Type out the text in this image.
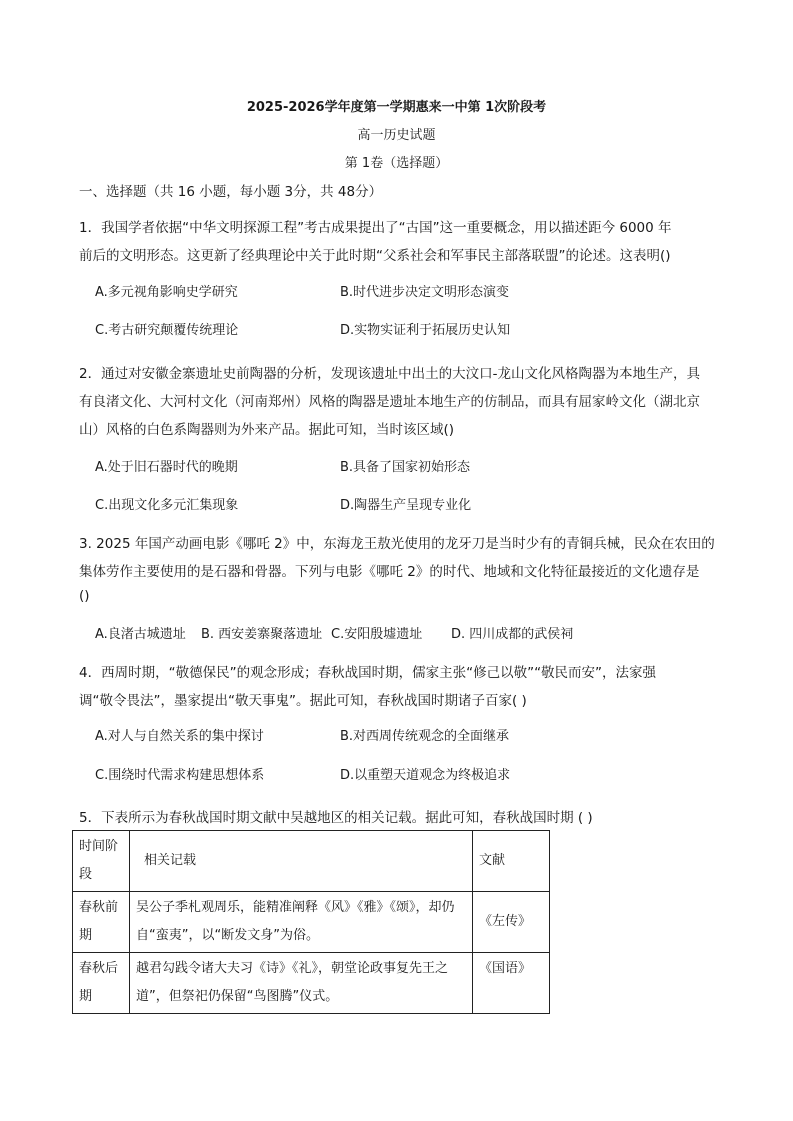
2025-2026学年度第一学期惠来一中第 1次阶段考
高一历史试题
第 1卷（选择题）
一、选择题（共 16 小题，每小题 3分，共 48分）
1．我国学者依据“中华文明探源工程”考古成果提出了“古国”这一重要概念，用以描述距今 6000 年
前后的文明形态。这更新了经典理论中关于此时期“父系社会和军事民主部落联盟”的论述。这表明()
A.多元视角影响史学研究	B.时代进步决定文明形态演变
C.考古研究颠覆传统理论	D.实物实证利于拓展历史认知
2．通过对安徽金寨遗址史前陶器的分析，发现该遗址中出土的大汶口-龙山文化风格陶器为本地生产，具
有良渚文化、大河村文化（河南郑州）风格的陶器是遗址本地生产的仿制品，而具有屈家岭文化（湖北京
山）风格的白色系陶器则为外来产品。据此可知，当时该区域()
A.处于旧石器时代的晚期	B.具备了国家初始形态
C.出现文化多元汇集现象	D.陶器生产呈现专业化
3. 2025 年国产动画电影《哪吒 2》中，东海龙王敖光使用的龙牙刀是当时少有的青铜兵械，民众在农田的
集体劳作主要使用的是石器和骨器。下列与电影《哪吒 2》的时代、地域和文化特征最接近的文化遗存是
()
A.良渚古城遗址 B. 西安姜寨聚落遗址 C.安阳殷墟遗址 D. 四川成都的武侯祠
4．西周时期，“敬德保民”的观念形成；春秋战国时期，儒家主张“修己以敬”“敬民而安”，法家强
调“敬令畏法”，墨家提出“敬天事鬼”。据此可知，春秋战国时期诸子百家( )
A.对人与自然关系的集中探讨	B.对西周传统观念的全面继承
C.围绕时代需求构建思想体系	D.以重塑天道观念为终极追求
5．下表所示为春秋战国时期文献中吴越地区的相关记载。据此可知，春秋战国时期 ( )
时间阶段	相关记载	文献
春秋前期	吴公子季札观周乐，能精准阐释《风》《雅》《颂》，却仍自“蛮夷”，以“断发文身”为俗。	《左传》
春秋后期	越君勾践令诸大夫习《诗》《礼》，朝堂论政事复先王之道”，但祭祀仍保留“鸟图腾”仪式。	《国语》
